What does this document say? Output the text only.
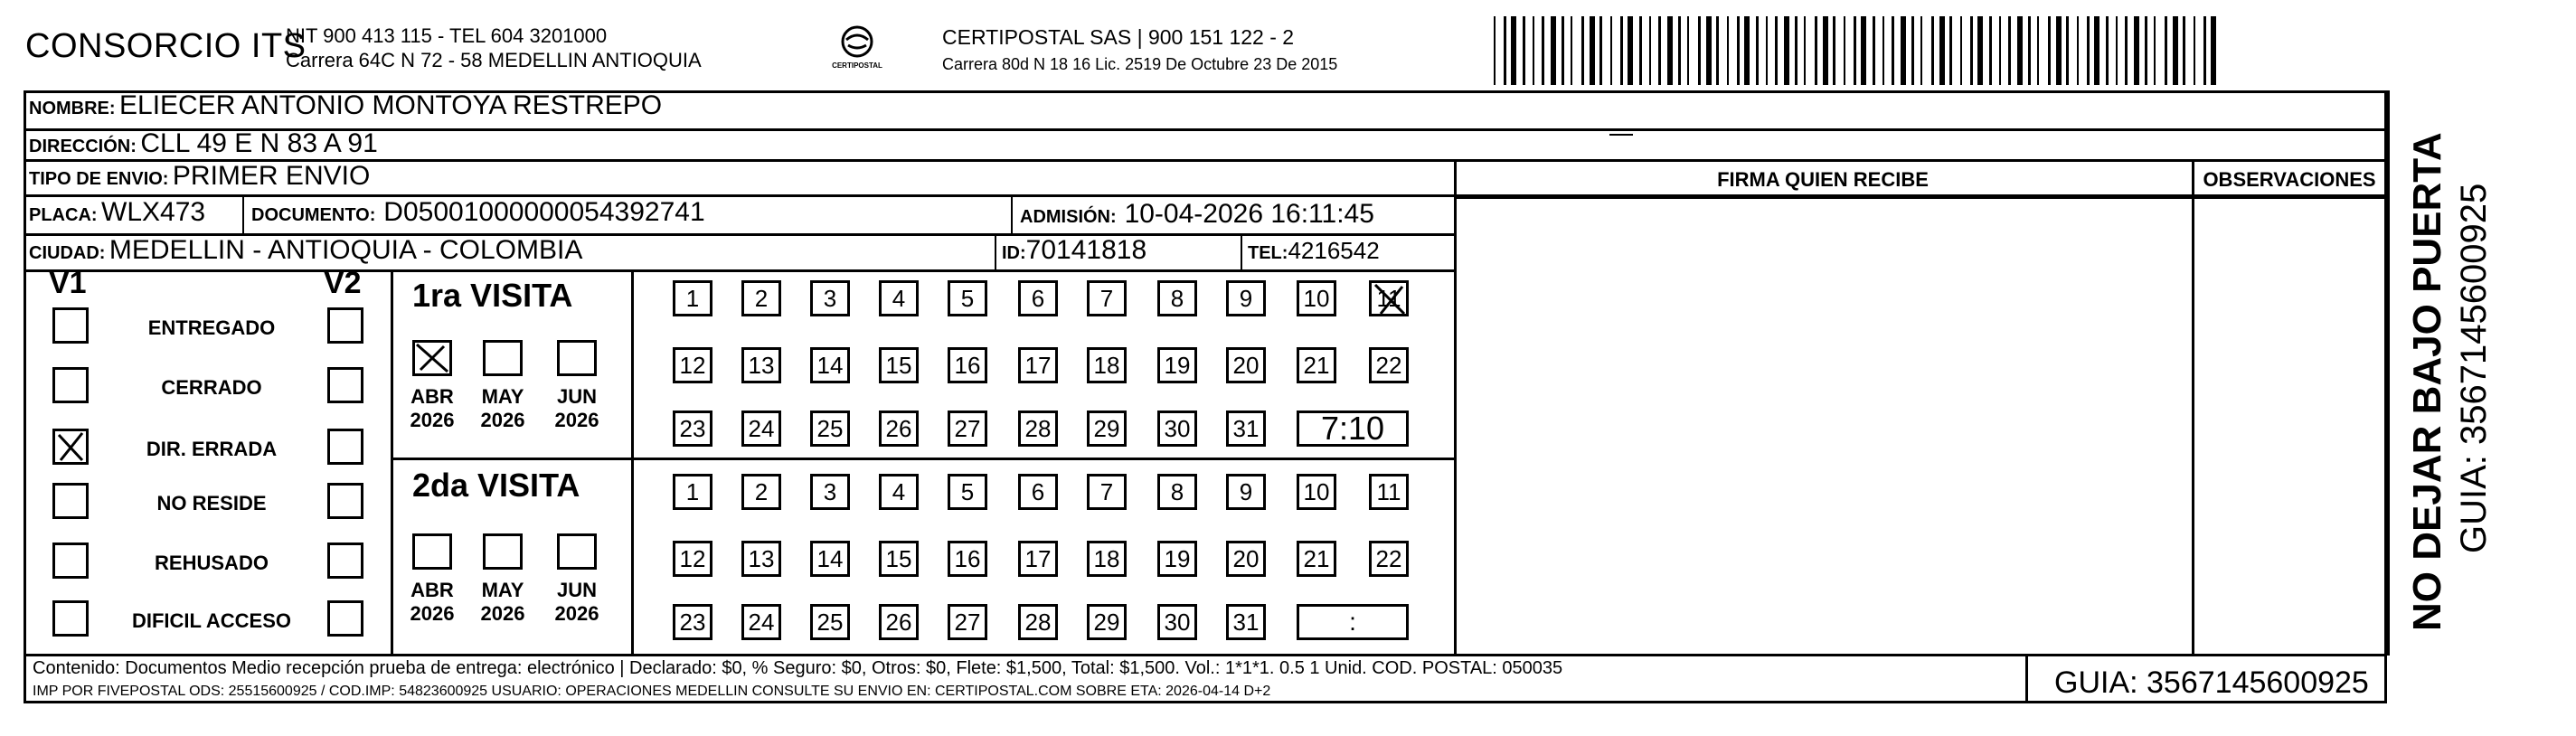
CONSORCIO ITS
NIT 900 413 115 - TEL 604 3201000
Carrera 64C N 72 - 58 MEDELLIN ANTIOQUIA	CERTIPOSTAL
CERTIPOSTAL SAS | 900 151 122 - 2
Carrera 80d N 18 16 Lic. 2519 De Octubre 23 De 2015
NOMBRE: ELIECER ANTONIO MONTOYA RESTREPO
DIRECCIÓN: CLL 49 E N 83 A 91
TIPO DE ENVIO: PRIMER ENVIO
PLACA: WLX473	DOCUMENTO: D05001000000054392741	ADMISIÓN: 10-04-2026 16:11:45
CIUDAD: MEDELLIN - ANTIOQUIA - COLOMBIA	ID:70141818	TEL:4216542
FIRMA QUIEN RECIBE	OBSERVACIONES
V1	V2
ENTREGADO
CERRADO
DIR. ERRADA
NO RESIDE
REHUSADO
DIFICIL ACCESO
1ra VISITA
2da VISITA
1	2	3	4	5	6	7	8	9	10	11
12 13 14 15 16 17 18 19 20 21 22
23 24 25 26 27 28 29 30 31	7:10
ABR
2026
MAY
2026
JUN
2026
1	2	3	4	5	6	7	8	9	10	11
12 13 14 15 16 17 18 19 20 21 22
23 24 25 26 27 28 29 30 31	:
ABR
2026
MAY
2026
JUN
2026
Contenido: Documentos Medio recepción prueba de entrega: electrónico | Declarado: $0, % Seguro: $0, Otros: $0, Flete: $1,500, Total: $1,500. Vol.: 1*1*1. 0.5 1 Unid. COD. POSTAL: 050035
IMP POR FIVEPOSTAL ODS: 25515600925 / COD.IMP: 54823600925 USUARIO: OPERACIONES MEDELLIN CONSULTE SU ENVIO EN: CERTIPOSTAL.COM SOBRE ETA: 2026-04-14 D+2	GUIA: 3567145600925
NO DEJAR BAJO PUERTA GUIA: 3567145600925
